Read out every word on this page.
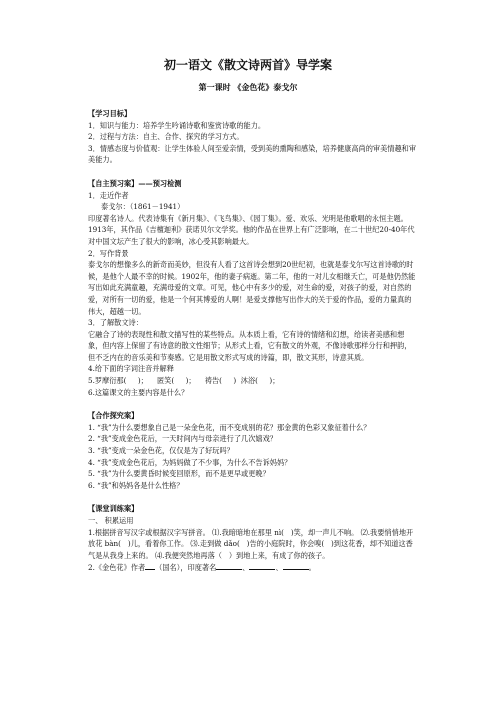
初一语文《散文诗两首》导学案
第一课时 《金色花》泰戈尔

【学习目标】

1．知识与能力：培养学生吟诵诗歌和鉴赏诗歌的能力。

2．过程与方法：自主、合作、探究的学习方式。

3．情感态度与价值观：让学生体验人间至爱亲情，受到美的熏陶和感染，培养健康高尚的审美情趣和审美能力。

【自主预习案】——预习检测

1．走近作者

泰戈尔：（1861－1941）

印度著名诗人。代表诗集有《新月集》、《飞鸟集》、《园丁集》。爱、欢乐、光明是他歌唱的永恒主题。1913年，其作品《吉檀迦利》获诺贝尔文学奖。他的作品在世界上有广泛影响，在二十世纪20-40年代对中国文坛产生了很大的影响，冰心受其影响最大。

2．写作背景

泰戈尔的想像多么的新奇而美妙，但没有人看了这首诗会想到20世纪初，也就是泰戈尔写这首诗歌的时候，是他个人最不幸的时候。1902年，他的妻子病逝。第二年，他的一对儿女相继夭亡，可是他仍然能写出如此充满童趣，充满母爱的文章。可见，他心中有多少的爱，对生命的爱，对孩子的爱，对自然的爱，对所有一切的爱，他是一个何其博爱的人啊！是爱支撑他写出作大的关于爱的作品，爱的力量真的伟大，超越一切。

3．了解散文诗：

它融合了诗的表现性和散文描写性的某些特点。从本质上看，它有诗的情绪和幻想，给读者美感和想象，但内容上保留了有诗意的散文性细节；从形式上看，它有散文的外观，不像诗歌那样分行和押韵，但不乏内在的音乐美和节奏感。它是用散文形式写成的诗篇，即，散文其形，诗意其质。

4.给下面的字词注音并解释

5.罗摩衍那( )； 匿笑( )； 祷告( ) 沐浴( )；

6.这篇课文的主要内容是什么？

【合作探究案】

1. “我”为什么要想象自己是一朵金色花，而不变成别的花？那金黄的色彩又象征着什么？

2. “我”变成金色花后，一天时间内与母亲进行了几次嬉戏？

3. “我”变成一朵金色花，仅仅是为了好玩吗？

4. “我”变成金色花后，为妈妈做了不少事，为什么不告诉妈妈？

5. “我”为什么要黄昏时候变回原形，而不是更早或更晚？

6. “我”和妈妈各是什么性格？

【课堂训练案】

一、 积累运用

1.根据拼音写汉字或根据汉字写拼音。 ⑴.我暗暗地在那里 nì( )笑，却一声儿不响。 ⑵.我要悄悄地开放花 bàn( )儿，看着你工作。 ⑶.走到做 dǎo( )告的小庭院时，你会嗅( )到这花香，却不知道这香气是从我身上来的。 ⑷.我便突然地再落（ ）到地上来，有成了你的孩子。

2.《金色花》作者 （国名），印度著名	、	、	。
